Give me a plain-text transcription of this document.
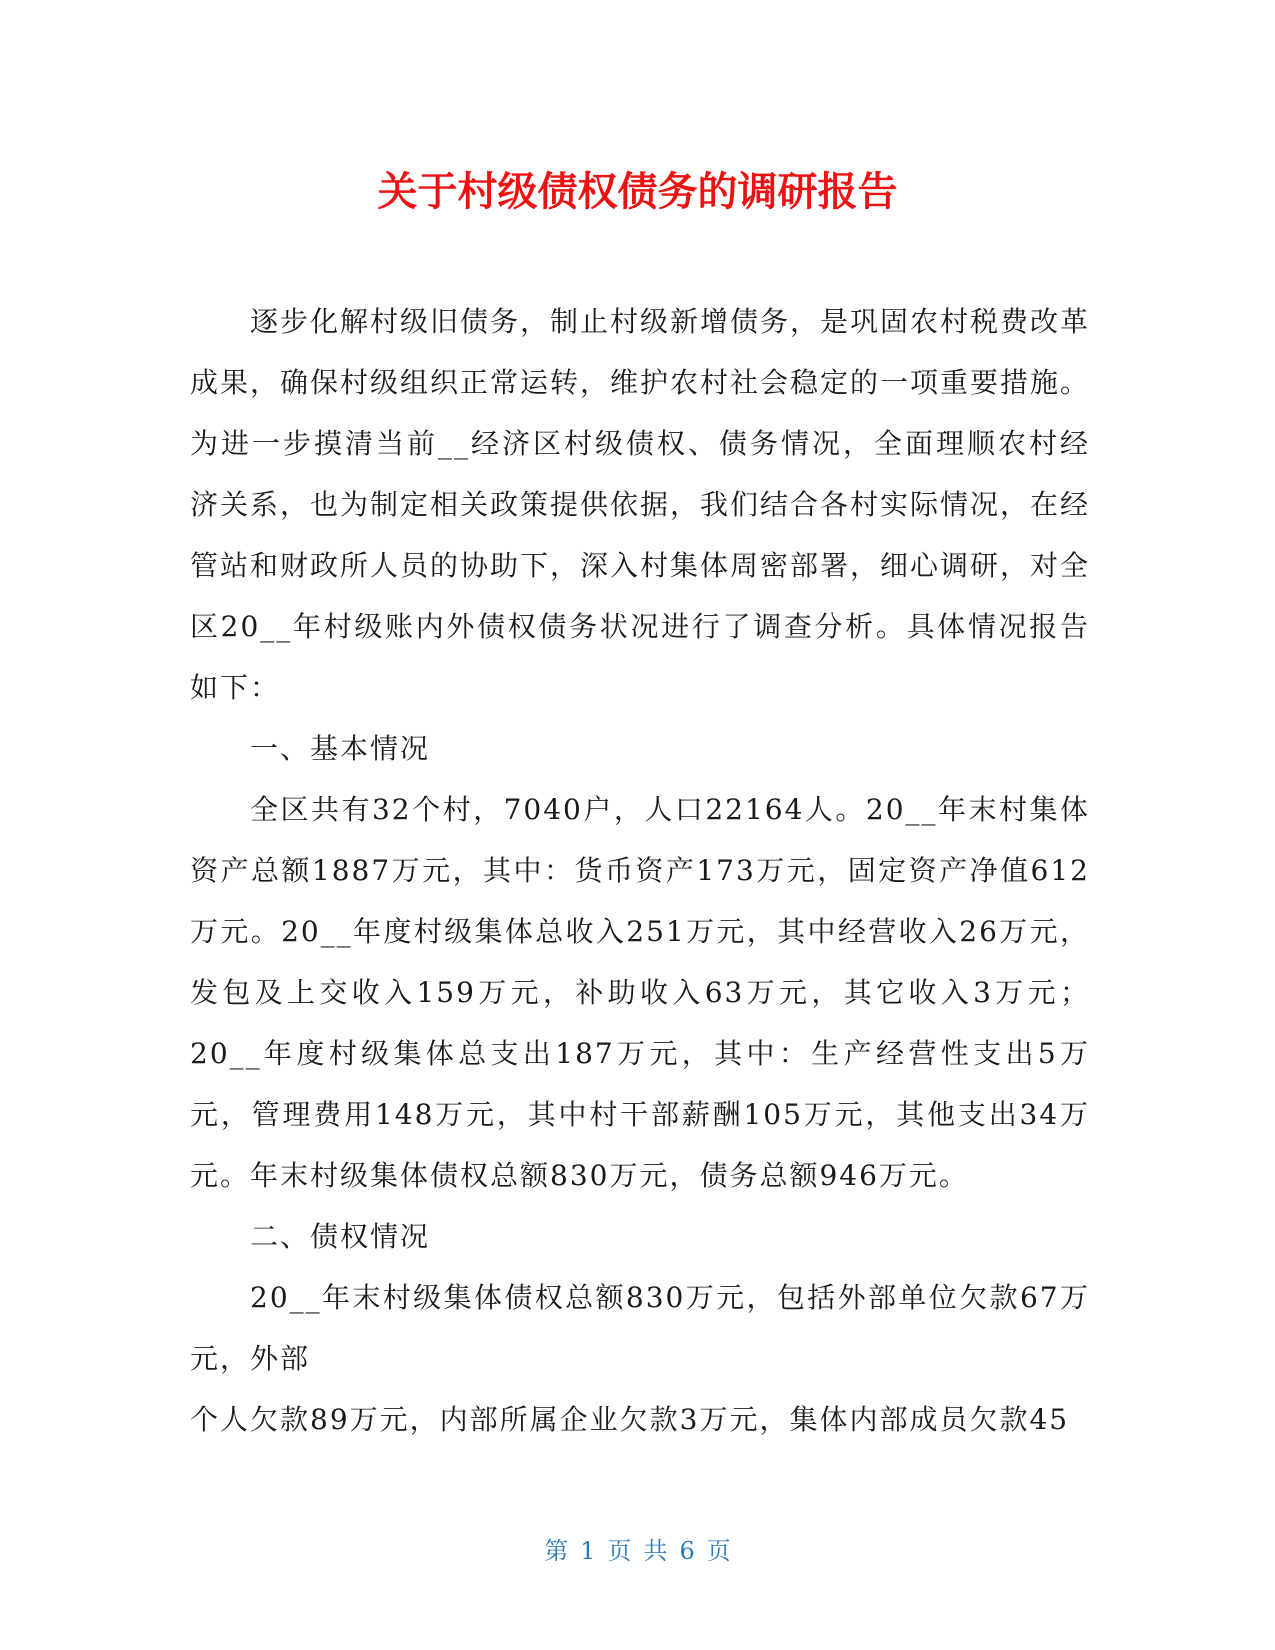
关于村级债权债务的调研报告

逐步化解村级旧债务，制止村级新增债务，是巩固农村税费改革成果，确保村级组织正常运转，维护农村社会稳定的一项重要措施。为进一步摸清当前__经济区村级债权、债务情况，全面理顺农村经济关系，也为制定相关政策提供依据，我们结合各村实际情况，在经管站和财政所人员的协助下，深入村集体周密部署，细心调研，对全区20__年村级账内外债权债务状况进行了调查分析。具体情况报告如下：

一、基本情况

全区共有32个村，7040户，人口22164人。20__年末村集体资产总额1887万元，其中：货币资产173万元，固定资产净值612万元。20__年度村级集体总收入251万元，其中经营收入26万元，发包及上交收入159万元，补助收入63万元，其它收入3万元；20__年度村级集体总支出187万元，其中：生产经营性支出5万元，管理费用148万元，其中村干部薪酬105万元，其他支出34万元。年末村级集体债权总额830万元，债务总额946万元。

二、债权情况

20__年末村级集体债权总额830万元，包括外部单位欠款67万元，外部

个人欠款89万元，内部所属企业欠款3万元，集体内部成员欠款45

第 1 页 共 6 页
